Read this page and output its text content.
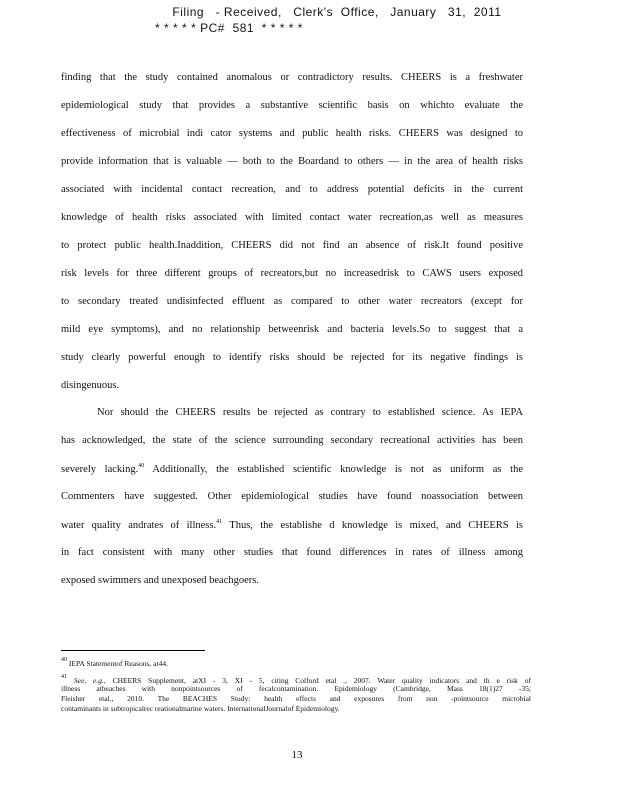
Filing   - Received,   Clerk's  Office,   January   31,  2011
* * * * * PC#  581  * * * * *
finding that the study contained anomalous or contradictory results. CHEERS is a freshwater
epidemiological study that provides a substantive scientific basis on whichto evaluate the
effectiveness of microbial indi cator systems and public health risks. CHEERS was designed to
provide information that is valuable — both to the Boardand to others — in the area of health risks
associated with incidental contact recreation, and to address potential deficits in the current
knowledge of health risks associated with limited contact water recreation,as well as measures
to protect public health.Inaddition, CHEERS did not find an absence of risk.It found positive
risk levels for three different groups of recreators,but no increasedrisk to CAWS users exposed
to secondary treated undisinfected effluent as compared to other water recreators (except for
mild eye symptoms), and no relationship betweenrisk and bacteria levels.So to suggest that a
study clearly powerful enough to identify risks should be rejected for its negative findings is
disingenuous.
Nor should the CHEERS results be rejected as contrary to established science. As IEPA
has acknowledged, the state of the science surrounding secondary recreational activities has been
severely lacking.$^{40}$ Additionally, the established scientific knowledge is not as uniform as the
Commenters have suggested. Other epidemiological studies have found noassociation between
water quality andrates of illness.$^{41}$ Thus, the establishe d knowledge is mixed, and CHEERS is
in fact consistent with many other studies that found differences in rates of illness among
exposed swimmers and unexposed beachgoers.
$^{40}$ IEPA Statementof Reasons, at44.
$^{41}$ See, e.g., CHEERS Supplement, atXI - 3, XI - 5, citing Colford etal ., 2007. Water quality indicators and th e risk of
illness atbeaches with nonpointsources of fecalcontamination. Epidemiology (Cambridge, Mass 18(1)27 -35;
Fleisher etal., 2010. The BEACHES Study: health effects and exposures from non -pointsource microbial
contaminants in subtropicalrec reationalmarine waters. InternationalJournalof Epidemiology.
13
